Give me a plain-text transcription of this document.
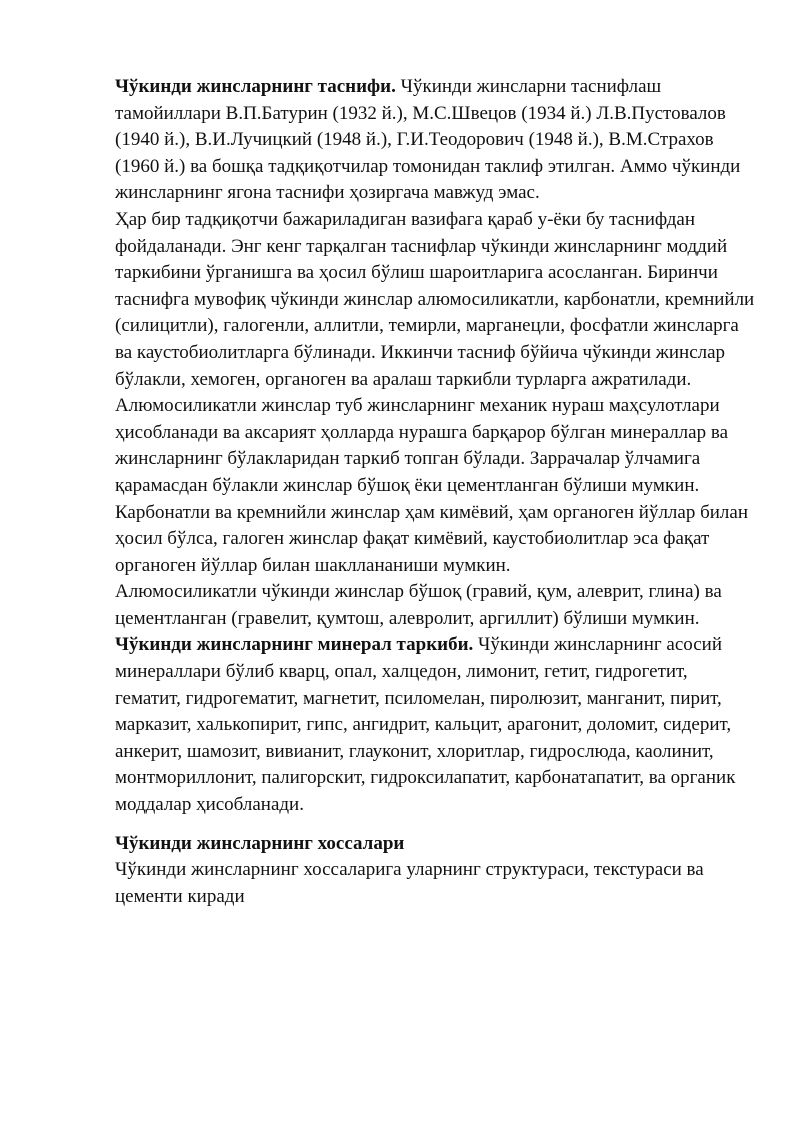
Чўкинди жинсларнинг таснифи. Чўкинди жинсларни таснифлаш тамойиллари В.П.Батурин (1932 й.), М.С.Швецов (1934 й.) Л.В.Пустовалов (1940 й.), В.И.Лучицкий (1948 й.), Г.И.Теодорович (1948 й.), В.М.Страхов (1960 й.) ва бошқа тадқиқотчилар томонидан таклиф этилган. Аммо чўкинди жинсларнинг ягона таснифи ҳозиргача мавжуд эмас.

Ҳар бир тадқиқотчи бажариладиган вазифага қараб у-ёки бу таснифдан фойдаланади. Энг кенг тарқалган таснифлар чўкинди жинсларнинг моддий таркибини ўрганишга ва ҳосил бўлиш шароитларига асосланган. Биринчи таснифга мувофиқ чўкинди жинслар алюмосиликатли, карбонатли, кремнийли (силицитли), галогенли, аллитли, темирли, марганецли, фосфатли жинсларга ва каустобиолитларга бўлинади. Иккинчи тасниф бўйича чўкинди жинслар бўлакли, хемоген, органоген ва аралаш таркибли турларга ажратилади.

Алюмосиликатли жинслар туб жинсларнинг механик нураш маҳсулотлари ҳисобланади ва аксарият ҳолларда нурашга барқарор бўлган минераллар ва жинсларнинг бўлакларидан таркиб топган бўлади. Заррачалар ўлчамига қарамасдан бўлакли жинслар бўшоқ ёки цементланган бўлиши мумкин.

Карбонатли ва кремнийли жинслар ҳам кимёвий, ҳам органоген йўллар билан ҳосил бўлса, галоген жинслар фақат кимёвий, каустобиолитлар эса фақат органоген йўллар билан шакллананиши мумкин.

Алюмосиликатли чўкинди жинслар бўшоқ (гравий, қум, алеврит, глина) ва цементланган (гравелит, қумтош, алевролит, аргиллит) бўлиши мумкин.

Чўкинди жинсларнинг минерал таркиби. Чўкинди жинсларнинг асосий минераллари бўлиб кварц, опал, халцедон, лимонит, гетит, гидрогетит, гематит, гидрогематит, магнетит, псиломелан, пиролюзит, манганит, пирит, марказит, халькопирит, гипс, ангидрит, кальцит, арагонит, доломит, сидерит, анкерит, шамозит, вивианит, глауконит, хлоритлар, гидрослюда, каолинит, монтмориллонит, палигорскит, гидроксилапатит, карбонатапатит, ва органик моддалар ҳисобланади.

Чўкинди жинсларнинг хоссалари

Чўкинди жинсларнинг хоссаларига уларнинг структураси, текстураси ва цементи киради
